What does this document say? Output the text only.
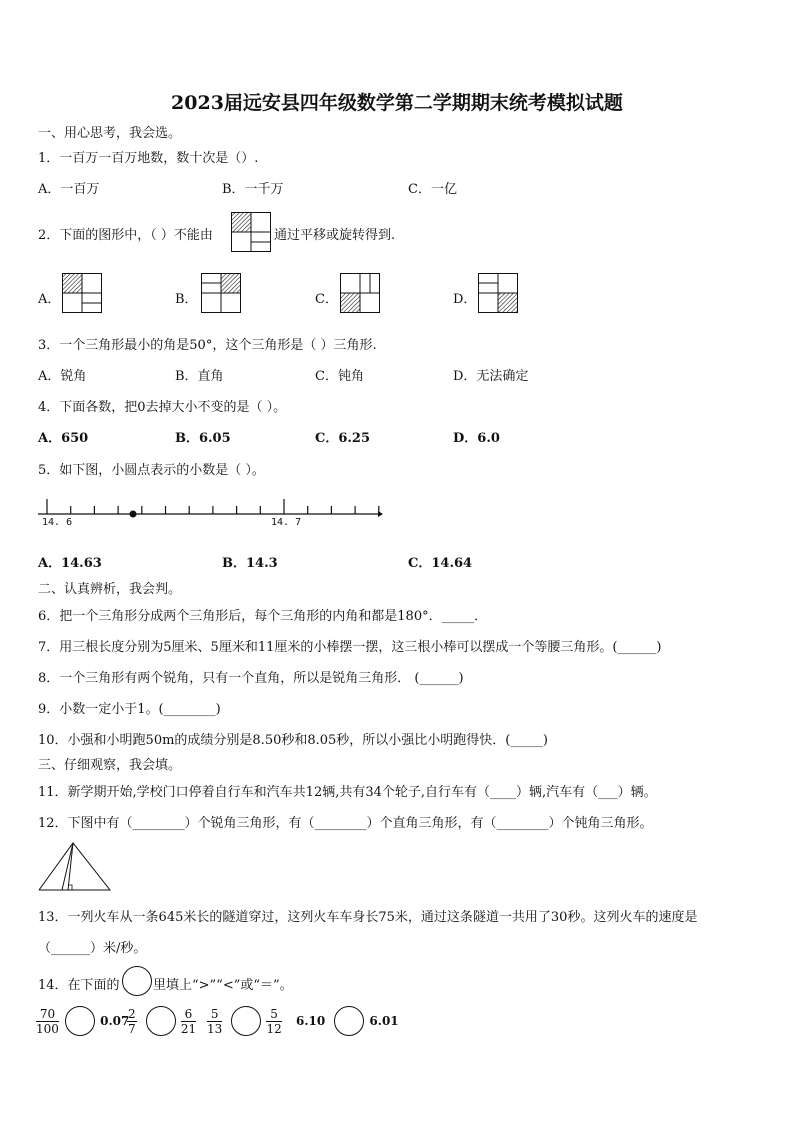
2023届远安县四年级数学第二学期期末统考模拟试题
一、用心思考，我会选。
1．一百万一百万地数，数十次是（）.
A．一百万	B．一千万	C．一亿
2．下面的图形中，（ ）不能由	通过平移或旋转得到.
A．	B．	C．	D．
3．一个三角形最小的角是50°，这个三角形是（ ）三角形.
A．锐角	B．直角	C．钝角	D．无法确定
4．下面各数，把0去掉大小不变的是（ ）。
A．650	B．6.05	C．6.25	D．6.0
5．如下图，小圆点表示的小数是（ ）。
14. 6	14. 7
A．14.63	B．14.3	C．14.64
二、认真辨析，我会判。
6．把一个三角形分成两个三角形后，每个三角形的内角和都是180°．_____．
7．用三根长度分别为5厘米、5厘米和11厘米的小棒摆一摆，这三根小棒可以摆成一个等腰三角形。(______)
8．一个三角形有两个锐角，只有一个直角，所以是锐角三角形． (______)
9．小数一定小于1。(________)
10．小强和小明跑50m的成绩分别是8.50秒和8.05秒，所以小强比小明跑得快．(_____)
三、仔细观察，我会填。
11．新学期开始,学校门口停着自行车和汽车共12辆,共有34个轮子,自行车有（____）辆,汽车有（___）辆。
12．下图中有（________）个锐角三角形，有（________）个直角三角形，有（________）个钝角三角形。
13．一列火车从一条645米长的隧道穿过，这列火车车身长75米，通过这条隧道一共用了30秒。这列火车的速度是
（______）米/秒。
14．在下面的	里填上“>”“<”或“＝”。
$\frac{70}{100}$	0.07
$\frac{2}{7}$
	$\frac{6}{21} \frac{5}{13}$
	$\frac{5}{12} 6.10$	6.01
